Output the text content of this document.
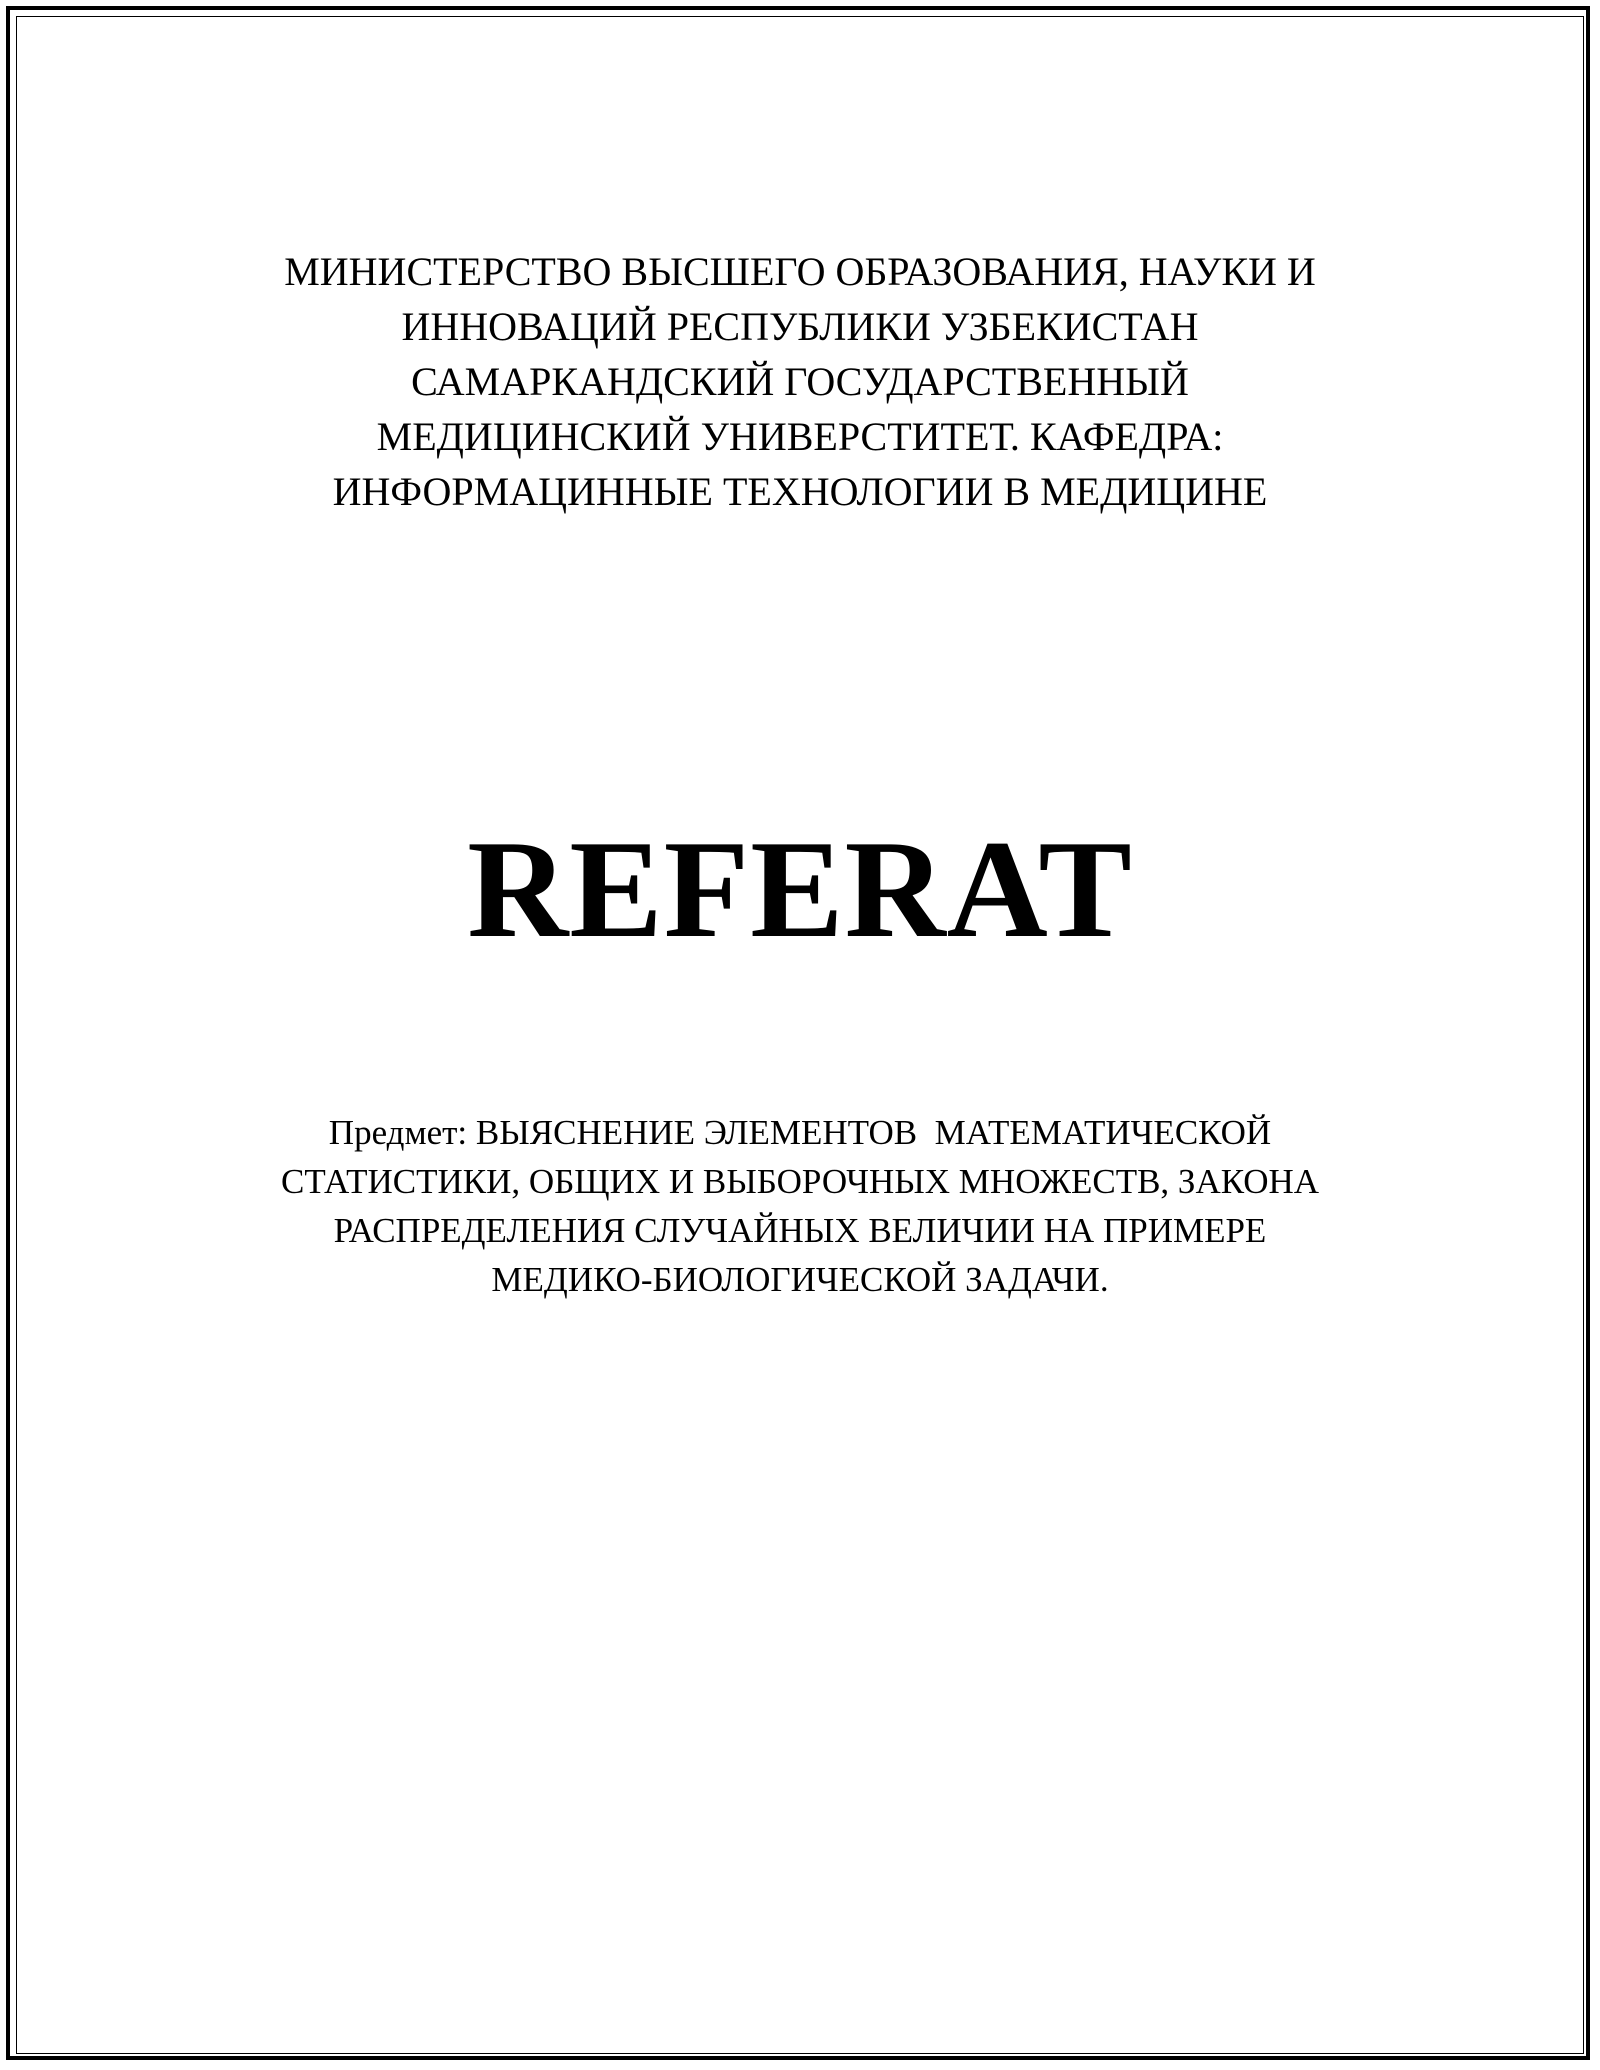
МИНИСТЕРСТВО ВЫСШЕГО ОБРАЗОВАНИЯ, НАУКИ И
ИННОВАЦИЙ РЕСПУБЛИКИ УЗБЕКИСТАН
САМАРКАНДСКИЙ ГОСУДАРСТВЕННЫЙ
МЕДИЦИНСКИЙ УНИВЕРСТИТЕТ. КАФЕДРА:
ИНФОРМАЦИННЫЕ ТЕХНОЛОГИИ В МЕДИЦИНЕ
REFERAT
Предмет: ВЫЯСНЕНИЕ ЭЛЕМЕНТОВ  МАТЕМАТИЧЕСКОЙ
СТАТИСТИКИ, ОБЩИХ И ВЫБОРОЧНЫХ МНОЖЕСТВ, ЗАКОНА
РАСПРЕДЕЛЕНИЯ СЛУЧАЙНЫХ ВЕЛИЧИИ НА ПРИМЕРЕ
МЕДИКО-БИОЛОГИЧЕСКОЙ ЗАДАЧИ.
